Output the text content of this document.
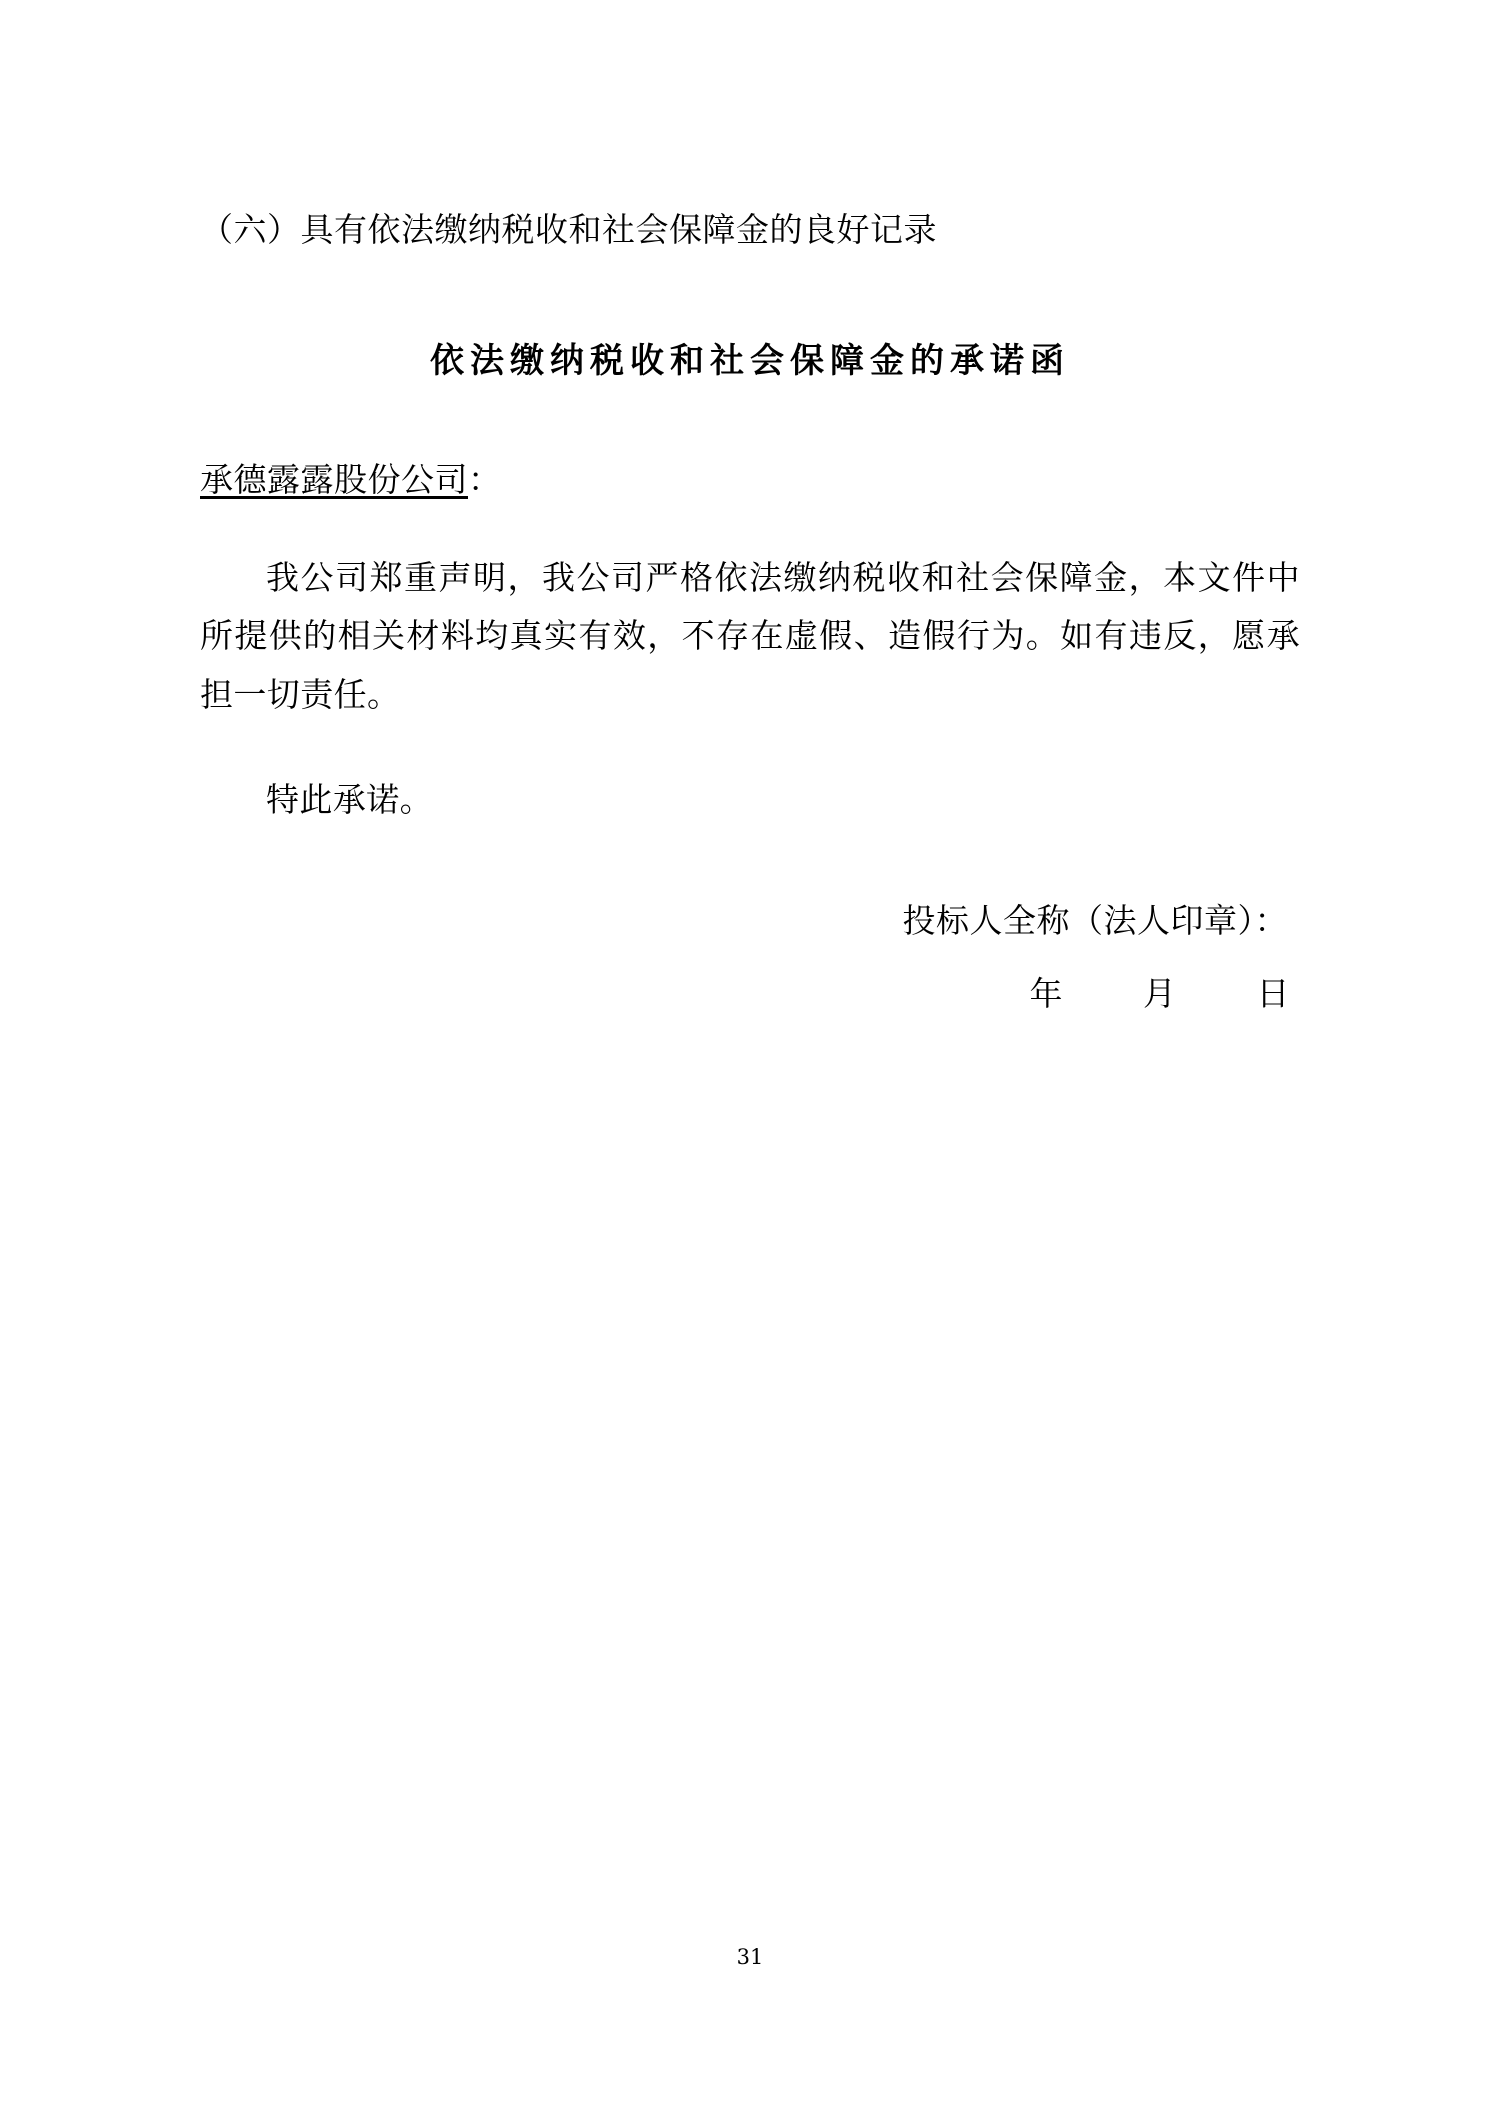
（六）具有依法缴纳税收和社会保障金的良好记录
依法缴纳税收和社会保障金的承诺函
承德露露股份公司：
我公司郑重声明，我公司严格依法缴纳税收和社会保障金，本文件中所提供的相关材料均真实有效，不存在虚假、造假行为。如有违反，愿承担一切责任。
特此承诺。
投标人全称（法人印章）：
年 月 日
31
